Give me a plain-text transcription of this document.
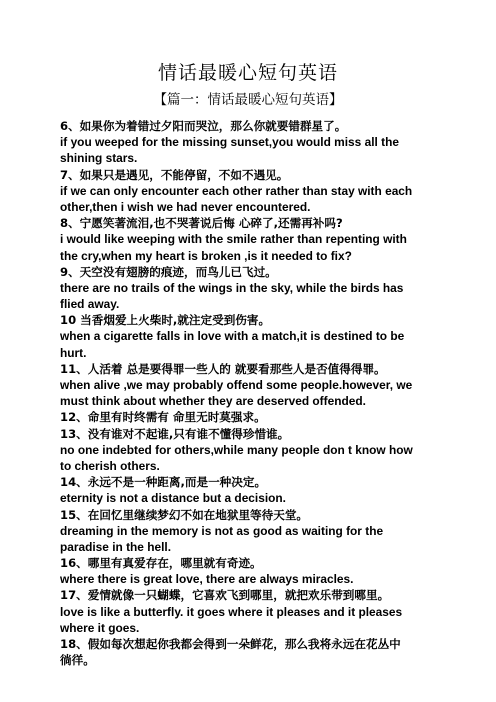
情话最暖心短句英语
【篇一：情话最暖心短句英语】
6、如果你为着错过夕阳而哭泣，那么你就要错群星了。
if you weeped for the missing sunset,you would miss all the
shining stars.
7、如果只是遇见，不能停留，不如不遇见。
if we can only encounter each other rather than stay with each
other,then i wish we had never encountered.
8、宁愿笑著流泪,也不哭著说后悔 心碎了,还需再补吗?
i would like weeping with the smile rather than repenting with
the cry,when my heart is broken ,is it needed to fix?
9、天空没有翅膀的痕迹，而鸟儿已飞过。
there are no trails of the wings in the sky, while the birds has
flied away.
10 当香烟爱上火柴时,就注定受到伤害。
when a cigarette falls in love with a match,it is destined to be
hurt.
11、人活着 总是要得罪一些人的 就要看那些人是否值得得罪。
when alive ,we may probably offend some people.however, we
must think about whether they are deserved offended.
12、命里有时终需有 命里无时莫强求。
13、没有谁对不起谁,只有谁不懂得珍惜谁。
no one indebted for others,while many people don t know how
to cherish others.
14、永远不是一种距离,而是一种决定。
eternity is not a distance but a decision.
15、在回忆里继续梦幻不如在地狱里等待天堂。
dreaming in the memory is not as good as waiting for the
paradise in the hell.
16、哪里有真爱存在，哪里就有奇迹。
where there is great love, there are always miracles.
17、爱情就像一只蝴蝶，它喜欢飞到哪里，就把欢乐带到哪里。
love is like a butterfly. it goes where it pleases and it pleases
where it goes.
18、假如每次想起你我都会得到一朵鲜花，那么我将永远在花丛中
徜徉。
